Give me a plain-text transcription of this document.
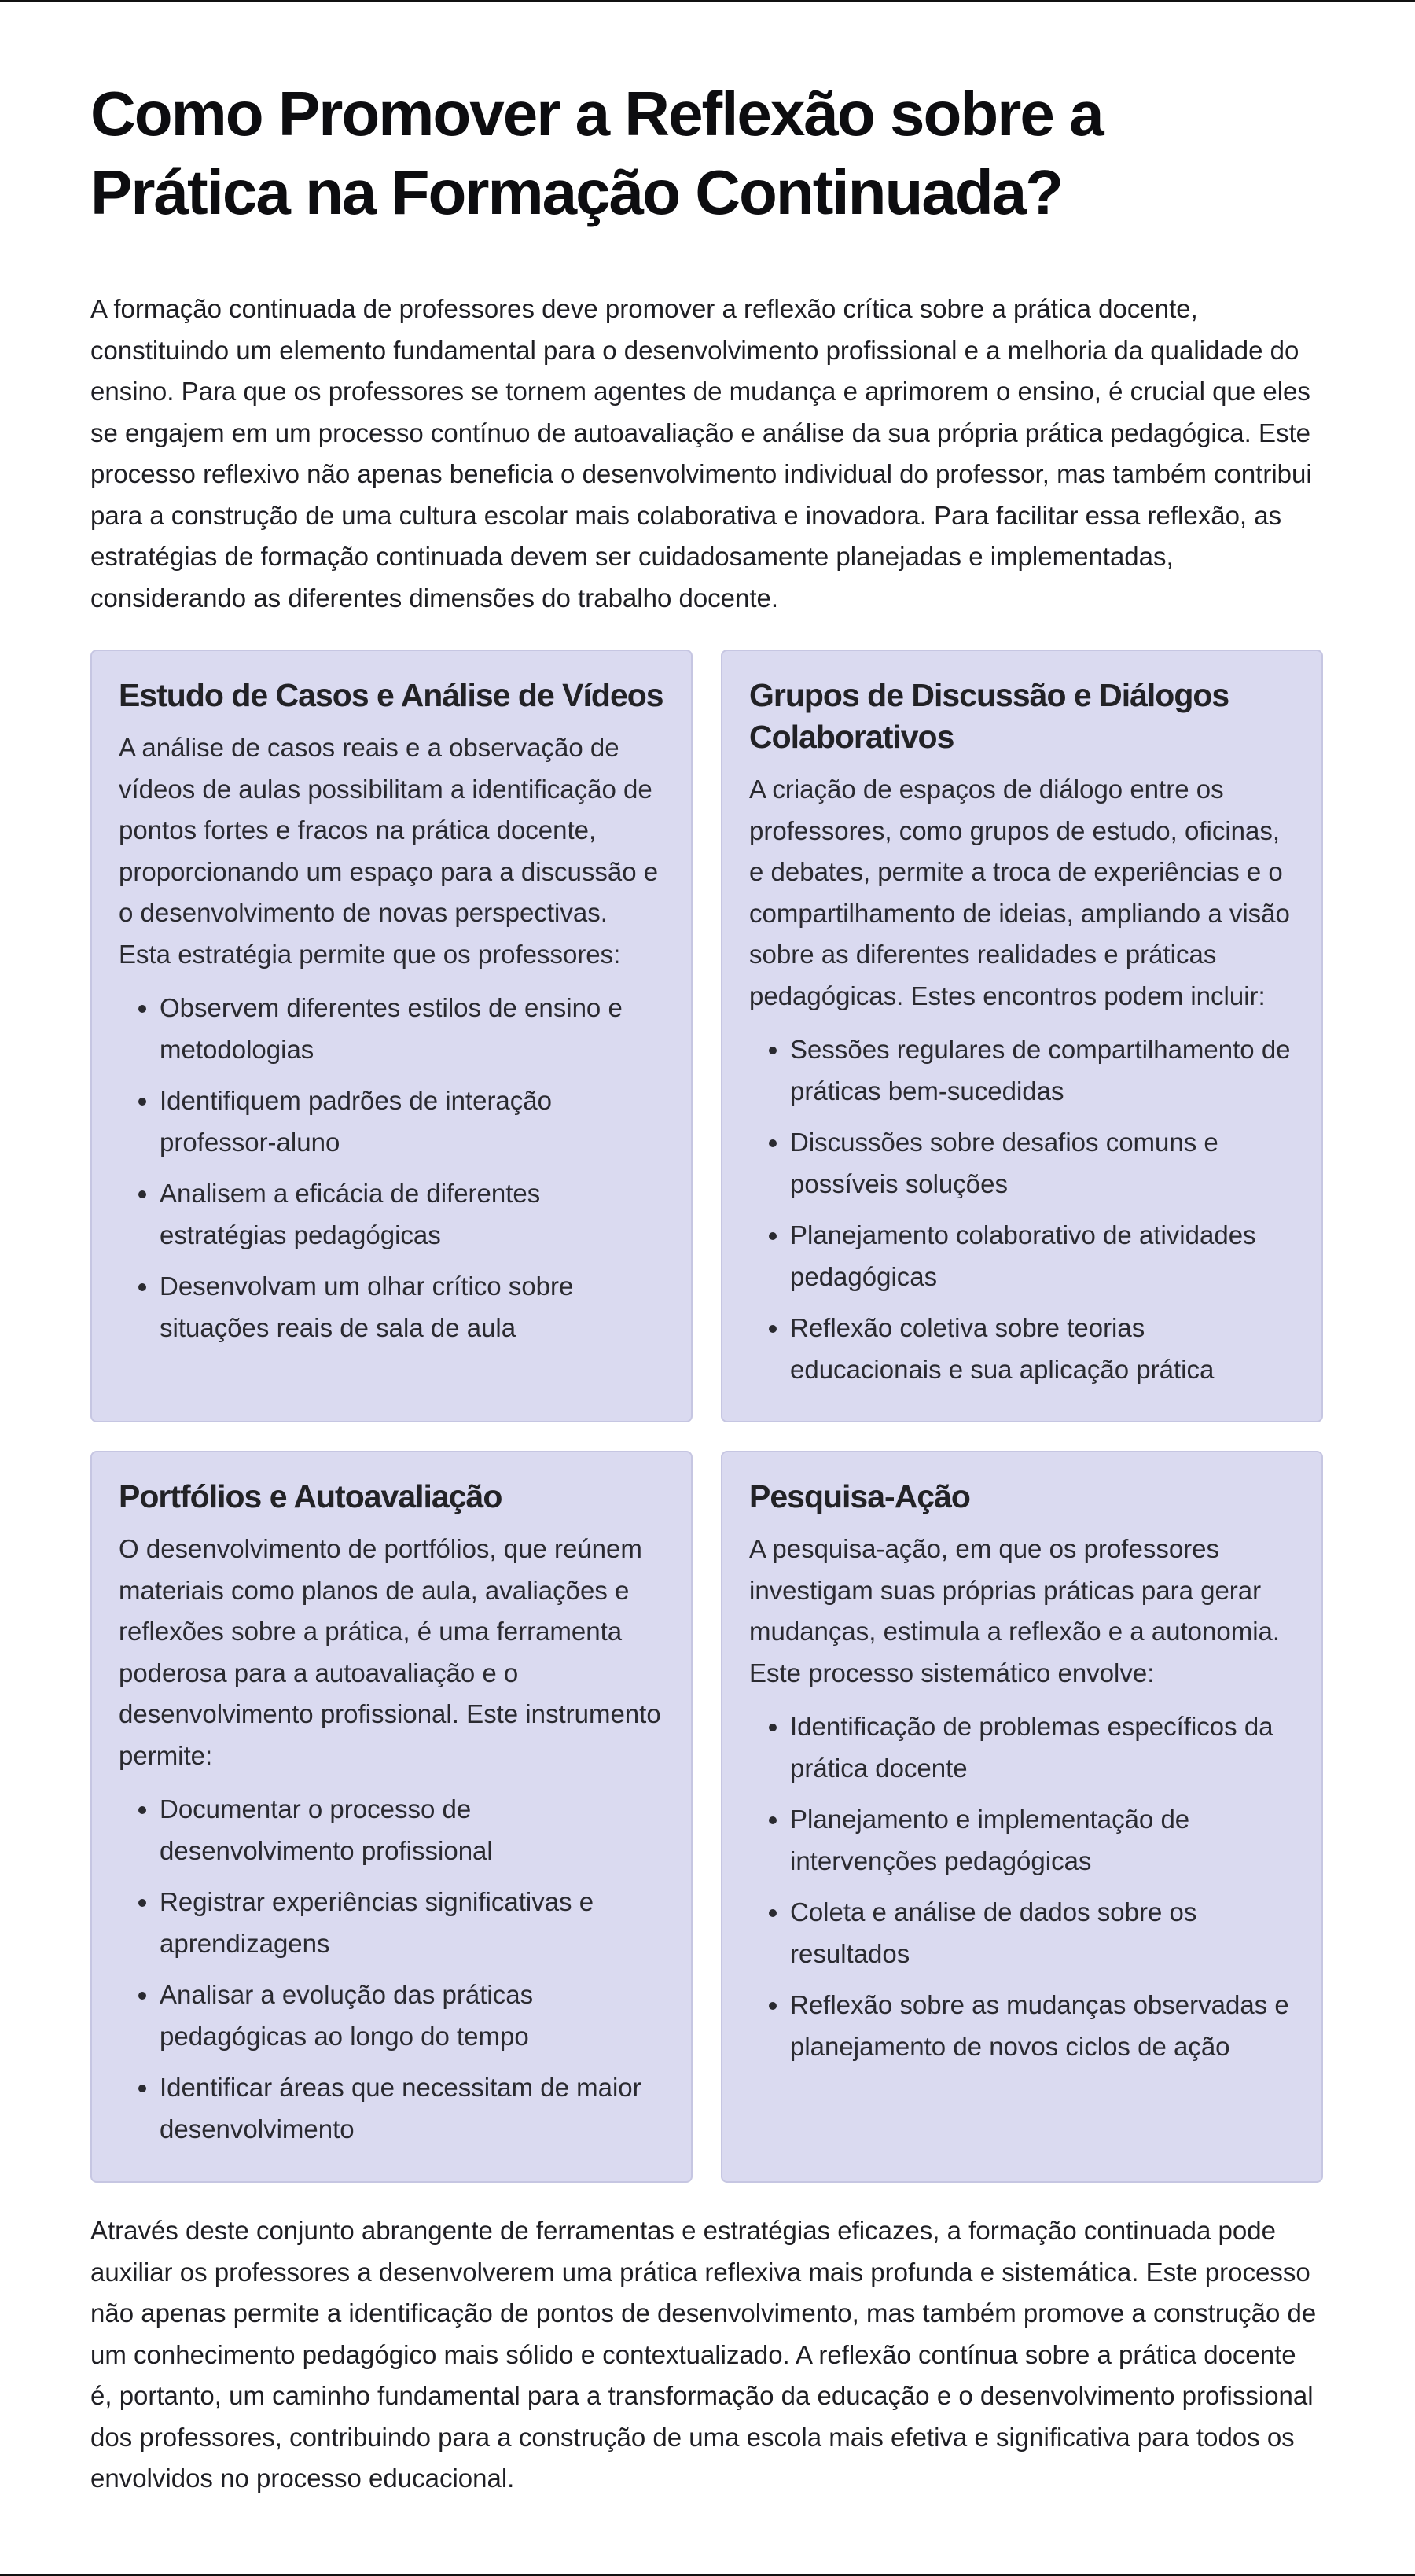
Como Promover a Reflexão sobre a Prática na Formação Continuada?

A formação continuada de professores deve promover a reflexão crítica sobre a prática docente, constituindo um elemento fundamental para o desenvolvimento profissional e a melhoria da qualidade do ensino. Para que os professores se tornem agentes de mudança e aprimorem o ensino, é crucial que eles se engajem em um processo contínuo de autoavaliação e análise da sua própria prática pedagógica. Este processo reflexivo não apenas beneficia o desenvolvimento individual do professor, mas também contribui para a construção de uma cultura escolar mais colaborativa e inovadora. Para facilitar essa reflexão, as estratégias de formação continuada devem ser cuidadosamente planejadas e implementadas, considerando as diferentes dimensões do trabalho docente.

Estudo de Casos e Análise de Vídeos

A análise de casos reais e a observação de vídeos de aulas possibilitam a identificação de pontos fortes e fracos na prática docente, proporcionando um espaço para a discussão e o desenvolvimento de novas perspectivas. Esta estratégia permite que os professores:

• Observem diferentes estilos de ensino e metodologias
• Identifiquem padrões de interação professor-aluno
• Analisem a eficácia de diferentes estratégias pedagógicas
• Desenvolvam um olhar crítico sobre situações reais de sala de aula
Grupos de Discussão e Diálogos Colaborativos

A criação de espaços de diálogo entre os professores, como grupos de estudo, oficinas, e debates, permite a troca de experiências e o compartilhamento de ideias, ampliando a visão sobre as diferentes realidades e práticas pedagógicas. Estes encontros podem incluir:

• Sessões regulares de compartilhamento de práticas bem-sucedidas
• Discussões sobre desafios comuns e possíveis soluções
• Planejamento colaborativo de atividades pedagógicas
• Reflexão coletiva sobre teorias educacionais e sua aplicação prática
Portfólios e Autoavaliação

O desenvolvimento de portfólios, que reúnem materiais como planos de aula, avaliações e reflexões sobre a prática, é uma ferramenta poderosa para a autoavaliação e o desenvolvimento profissional. Este instrumento permite:

• Documentar o processo de desenvolvimento profissional
• Registrar experiências significativas e aprendizagens
• Analisar a evolução das práticas pedagógicas ao longo do tempo
• Identificar áreas que necessitam de maior desenvolvimento
Pesquisa-Ação

A pesquisa-ação, em que os professores investigam suas próprias práticas para gerar mudanças, estimula a reflexão e a autonomia. Este processo sistemático envolve:

• Identificação de problemas específicos da prática docente
• Planejamento e implementação de intervenções pedagógicas
• Coleta e análise de dados sobre os resultados
• Reflexão sobre as mudanças observadas e planejamento de novos ciclos de ação

Através deste conjunto abrangente de ferramentas e estratégias eficazes, a formação continuada pode auxiliar os professores a desenvolverem uma prática reflexiva mais profunda e sistemática. Este processo não apenas permite a identificação de pontos de desenvolvimento, mas também promove a construção de um conhecimento pedagógico mais sólido e contextualizado. A reflexão contínua sobre a prática docente é, portanto, um caminho fundamental para a transformação da educação e o desenvolvimento profissional dos professores, contribuindo para a construção de uma escola mais efetiva e significativa para todos os envolvidos no processo educacional.
